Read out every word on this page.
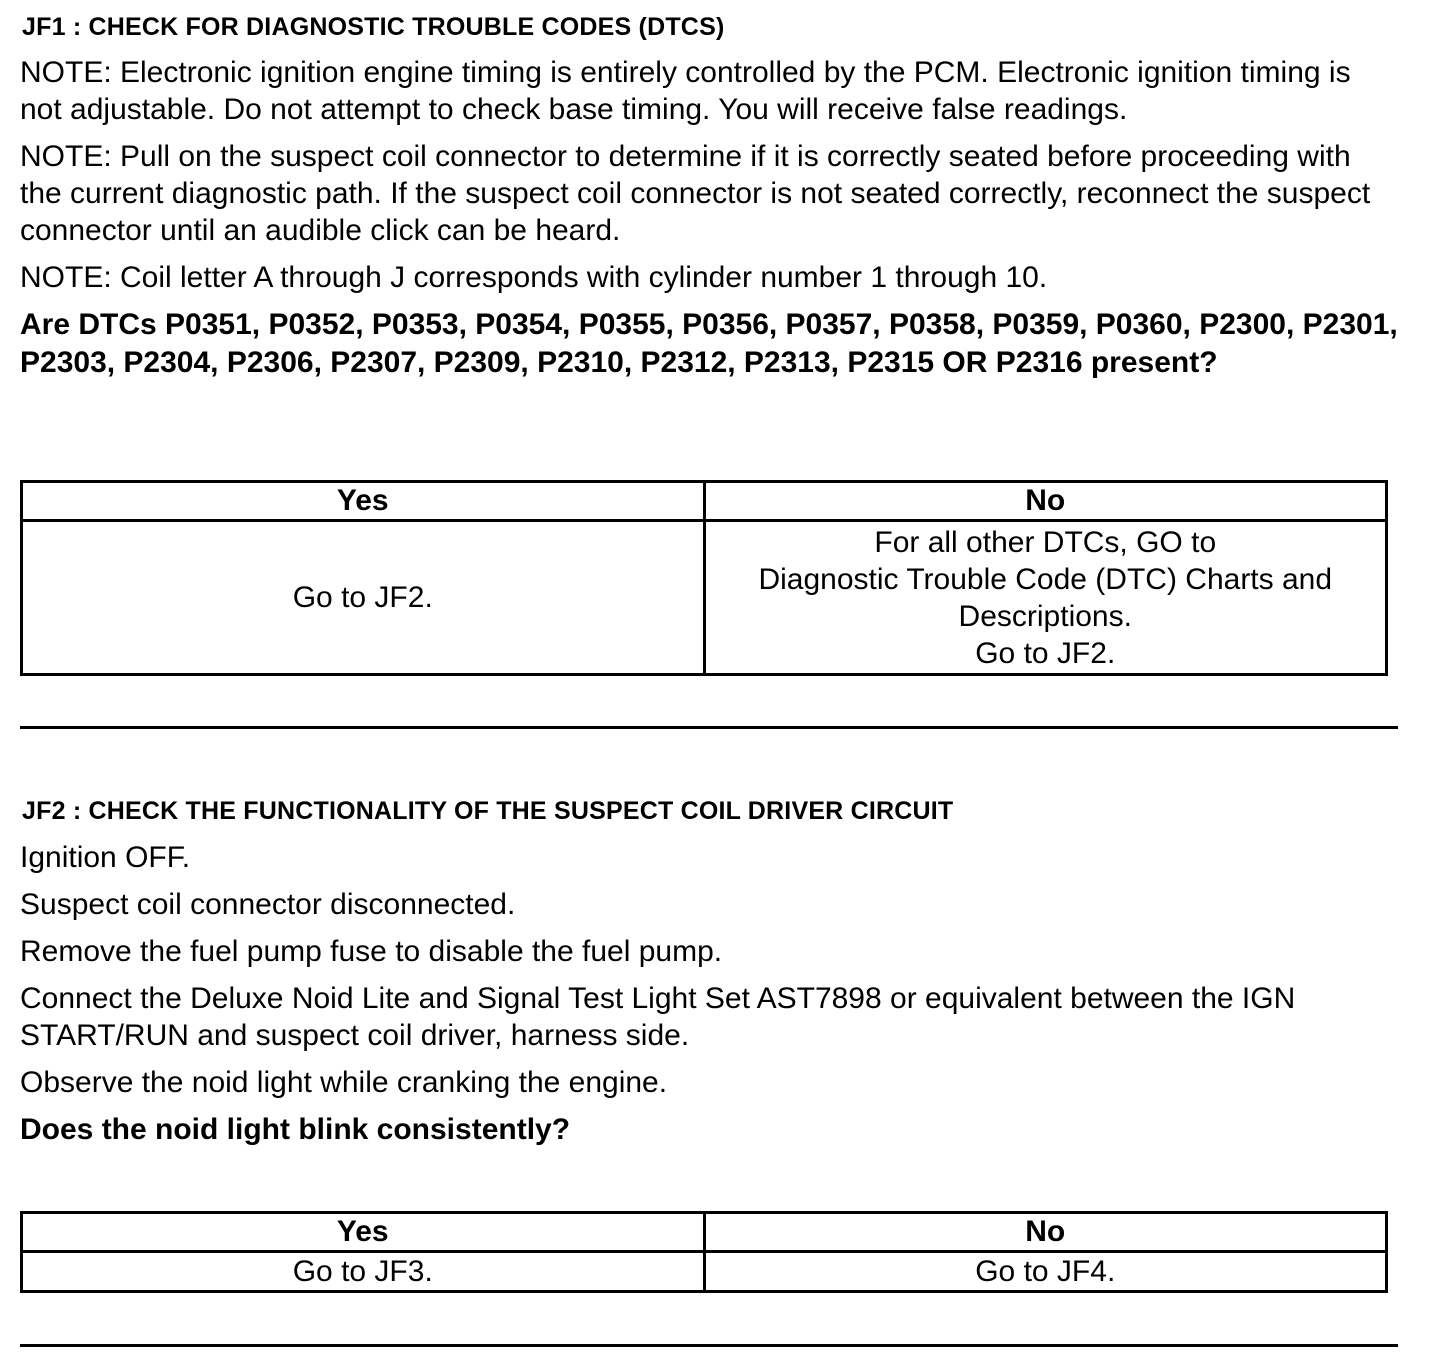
JF1 : CHECK FOR DIAGNOSTIC TROUBLE CODES (DTCS)

NOTE: Electronic ignition engine timing is entirely controlled by the PCM. Electronic ignition timing is not adjustable. Do not attempt to check base timing. You will receive false readings.

NOTE: Pull on the suspect coil connector to determine if it is correctly seated before proceeding with the current diagnostic path. If the suspect coil connector is not seated correctly, reconnect the suspect connector until an audible click can be heard.

NOTE: Coil letter A through J corresponds with cylinder number 1 through 10.

Are DTCs P0351, P0352, P0353, P0354, P0355, P0356, P0357, P0358, P0359, P0360, P2300, P2301, P2303, P2304, P2306, P2307, P2309, P2310, P2312, P2313, P2315 OR P2316 present?

Yes	No
Go to JF2.	For all other DTCs, GO to
Diagnostic Trouble Code (DTC) Charts and
Descriptions.
Go to JF2.
JF2 : CHECK THE FUNCTIONALITY OF THE SUSPECT COIL DRIVER CIRCUIT

Ignition OFF.

Suspect coil connector disconnected.

Remove the fuel pump fuse to disable the fuel pump.

Connect the Deluxe Noid Lite and Signal Test Light Set AST7898 or equivalent between the IGN START/RUN and suspect coil driver, harness side.

Observe the noid light while cranking the engine.

Does the noid light blink consistently?

Yes	No
Go to JF3.	Go to JF4.
